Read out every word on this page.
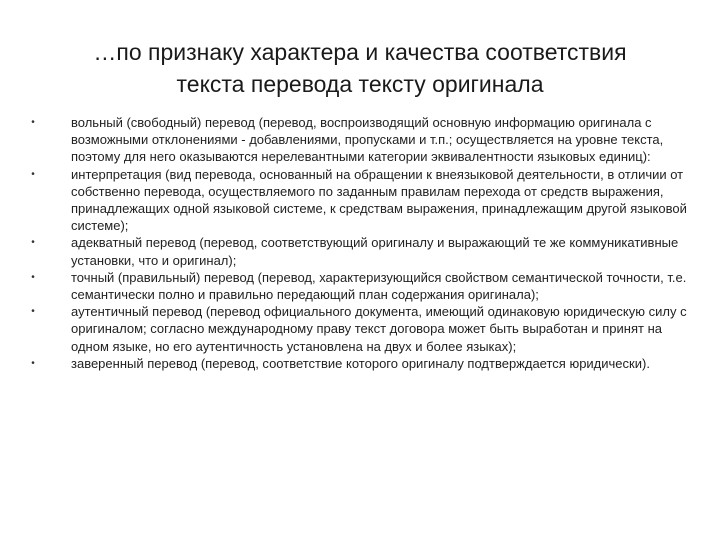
…по признаку характера и качества соответствия
текста перевода тексту оригинала
•	вольный (свободный) перевод (перевод, воспроизводящий основную информацию оригинала с возможными отклонениями - добавлениями, пропусками и т.п.; осуществляется на уровне текста, поэтому для него оказываются нерелевантными категории эквивалентности языковых единиц):
•	интерпретация (вид перевода, основанный на обращении к внеязыковой деятельности, в отличии от собственно перевода, осуществляемого по заданным правилам перехода от средств выражения, принадлежащих одной языковой системе, к средствам выражения, принадлежащим другой языковой системе);
•	адекватный перевод (перевод, соответствующий оригиналу и выражающий те же коммуникативные установки, что и оригинал);
•	точный (правильный) перевод (перевод, характеризующийся свойством семантической точности, т.е. семантически полно и правильно передающий план содержания оригинала);
•	аутентичный перевод (перевод официального документа, имеющий одинаковую юридическую силу с оригиналом; согласно международному праву текст договора может быть выработан и принят на одном языке, но его аутентичность установлена на двух и более языках);
•	заверенный перевод (перевод, соответствие которого оригиналу подтверждается юридически).
